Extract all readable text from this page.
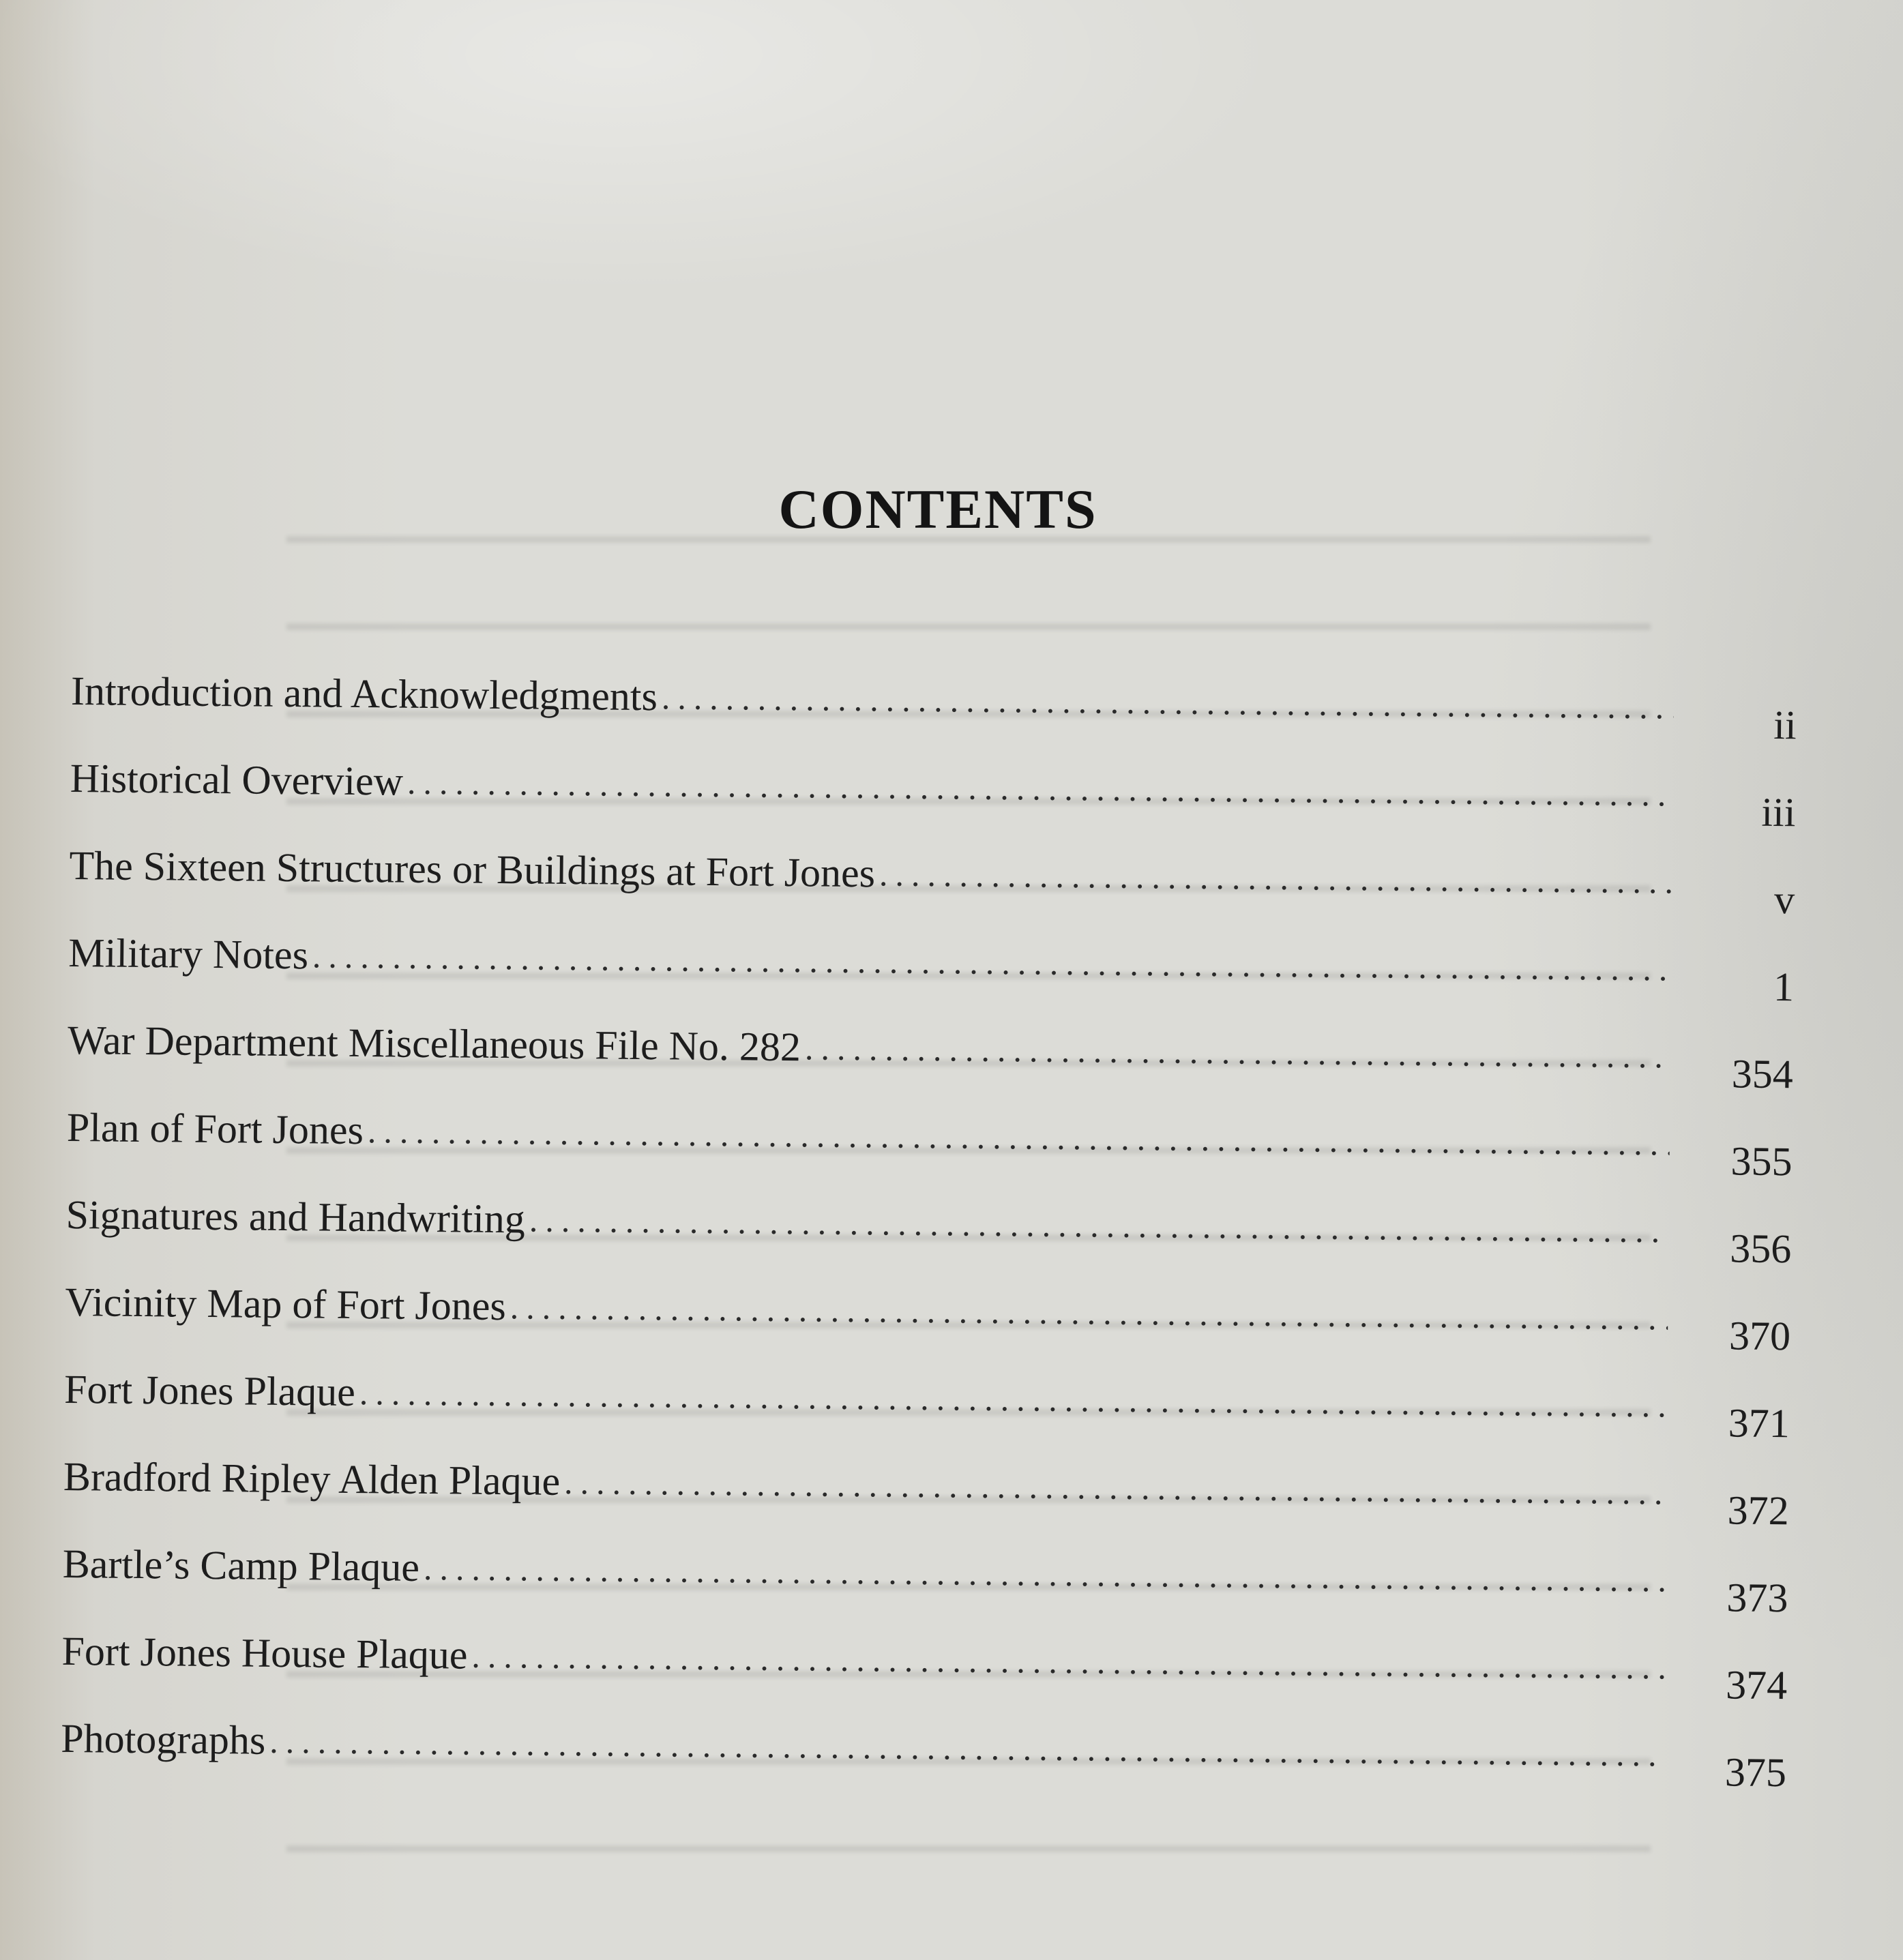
CONTENTS
Introduction and Acknowledgments
.....
ii
Historical Overview
.....
iii
The Sixteen Structures or Buildings at Fort Jones
.....
v
Military Notes
.....
1
War Department Miscellaneous File No. 282
.....
354
Plan of Fort Jones
.....
355
Signatures and Handwriting
.....
356
Vicinity Map of Fort Jones
.....
370
Fort Jones Plaque
.....
371
Bradford Ripley Alden Plaque
.....
372
Bartle’s Camp Plaque
.....
373
Fort Jones House Plaque
.....
374
Photographs
.....
375
